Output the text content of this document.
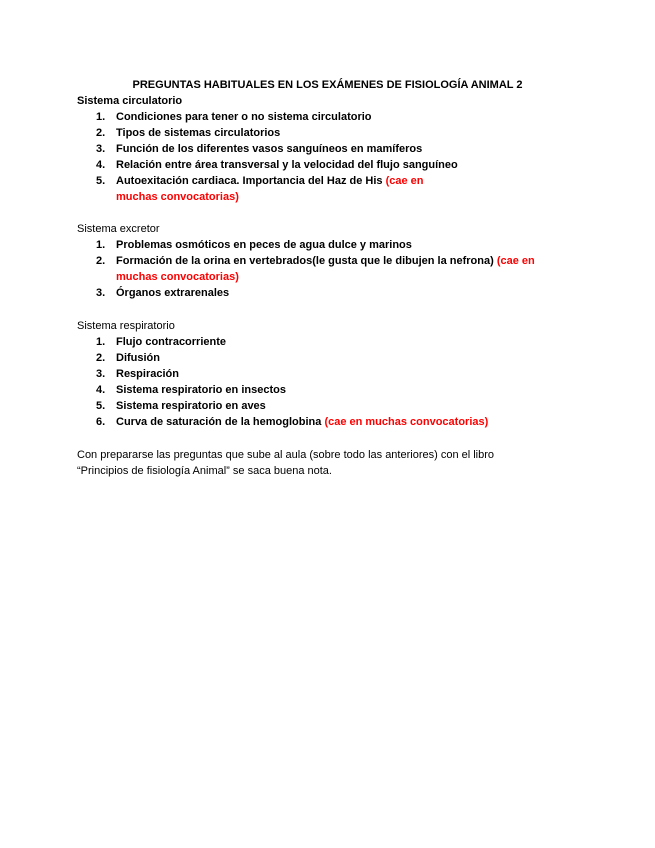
PREGUNTAS HABITUALES EN LOS EXÁMENES DE FISIOLOGÍA ANIMAL 2
Sistema circulatorio
1. Condiciones para tener o no sistema circulatorio
2. Tipos de sistemas circulatorios
3. Función de los diferentes vasos sanguíneos en mamíferos
4. Relación entre área transversal y la velocidad del flujo sanguíneo
5. Autoexitación cardiaca. Importancia del Haz de His (cae en muchas convocatorias)
Sistema excretor
1. Problemas osmóticos en peces de agua dulce y marinos
2. Formación de la orina en vertebrados(le gusta que le dibujen la nefrona) (cae en muchas convocatorias)
3. Órganos extrarenales
Sistema respiratorio
1. Flujo contracorriente
2. Difusión
3. Respiración
4. Sistema respiratorio en insectos
5. Sistema respiratorio en aves
6. Curva de saturación de la hemoglobina (cae en muchas convocatorias)

Con prepararse las preguntas que sube al aula (sobre todo las anteriores) con el libro

“Principios de fisiología Animal” se saca buena nota.
